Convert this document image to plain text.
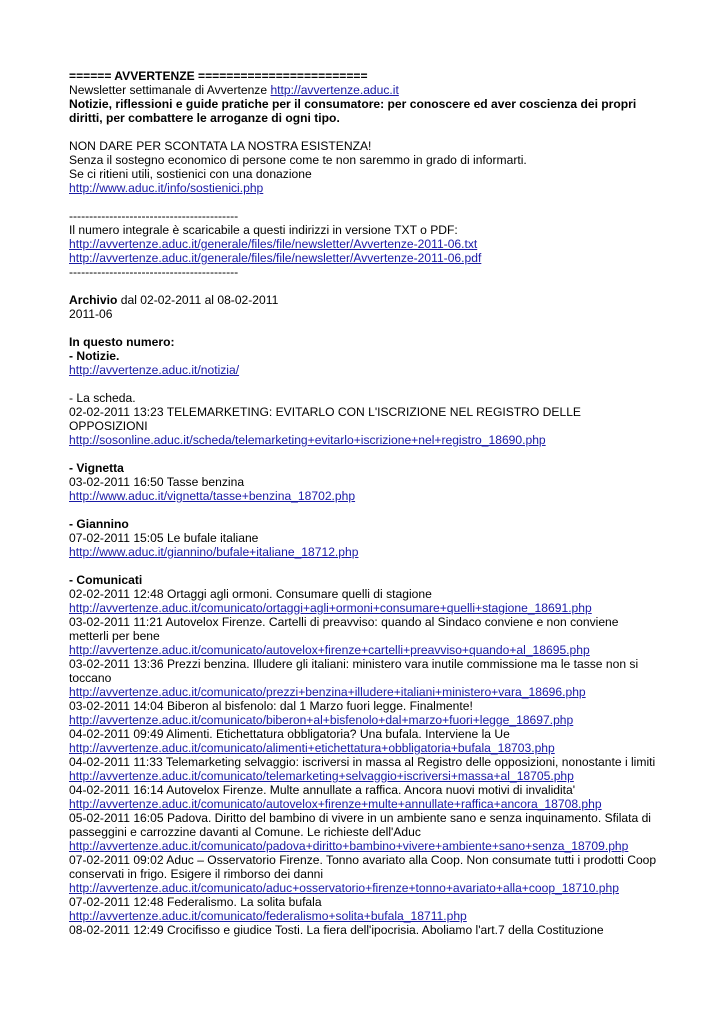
====== AVVERTENZE ========================

Newsletter settimanale di Avvertenze http://avvertenze.aduc.it

Notizie, riflessioni e guide pratiche per il consumatore: per conoscere ed aver coscienza dei propri diritti, per combattere le arroganze di ogni tipo.

NON DARE PER SCONTATA LA NOSTRA ESISTENZA!

Senza il sostegno economico di persone come te non saremmo in grado di informarti.

Se ci ritieni utili, sostienici con una donazione

http://www.aduc.it/info/sostienici.php

------------------------------------------

Il numero integrale è scaricabile a questi indirizzi in versione TXT o PDF:

http://avvertenze.aduc.it/generale/files/file/newsletter/Avvertenze-2011-06.txt

http://avvertenze.aduc.it/generale/files/file/newsletter/Avvertenze-2011-06.pdf

------------------------------------------

Archivio dal 02-02-2011 al 08-02-2011

2011-06

In questo numero:

- Notizie.

http://avvertenze.aduc.it/notizia/

- La scheda.

02-02-2011 13:23 TELEMARKETING: EVITARLO CON L'ISCRIZIONE NEL REGISTRO DELLE OPPOSIZIONI

http://sosonline.aduc.it/scheda/telemarketing+evitarlo+iscrizione+nel+registro_18690.php

- Vignetta

03-02-2011 16:50 Tasse benzina

http://www.aduc.it/vignetta/tasse+benzina_18702.php

- Giannino

07-02-2011 15:05 Le bufale italiane

http://www.aduc.it/giannino/bufale+italiane_18712.php

- Comunicati

02-02-2011 12:48 Ortaggi agli ormoni. Consumare quelli di stagione

http://avvertenze.aduc.it/comunicato/ortaggi+agli+ormoni+consumare+quelli+stagione_18691.php

03-02-2011 11:21 Autovelox Firenze. Cartelli di preavviso: quando al Sindaco conviene e non conviene metterli per bene

http://avvertenze.aduc.it/comunicato/autovelox+firenze+cartelli+preavviso+quando+al_18695.php

03-02-2011 13:36 Prezzi benzina. Illudere gli italiani: ministero vara inutile commissione ma le tasse non si toccano

http://avvertenze.aduc.it/comunicato/prezzi+benzina+illudere+italiani+ministero+vara_18696.php

03-02-2011 14:04 Biberon al bisfenolo: dal 1 Marzo fuori legge. Finalmente!

http://avvertenze.aduc.it/comunicato/biberon+al+bisfenolo+dal+marzo+fuori+legge_18697.php

04-02-2011 09:49 Alimenti. Etichettatura obbligatoria? Una bufala. Interviene la Ue

http://avvertenze.aduc.it/comunicato/alimenti+etichettatura+obbligatoria+bufala_18703.php

04-02-2011 11:33 Telemarketing selvaggio: iscriversi in massa al Registro delle opposizioni, nonostante i limiti

http://avvertenze.aduc.it/comunicato/telemarketing+selvaggio+iscriversi+massa+al_18705.php

04-02-2011 16:14 Autovelox Firenze. Multe annullate a raffica. Ancora nuovi motivi di invalidita'

http://avvertenze.aduc.it/comunicato/autovelox+firenze+multe+annullate+raffica+ancora_18708.php

05-02-2011 16:05 Padova. Diritto del bambino di vivere in un ambiente sano e senza inquinamento. Sfilata di passeggini e carrozzine davanti al Comune. Le richieste dell'Aduc

http://avvertenze.aduc.it/comunicato/padova+diritto+bambino+vivere+ambiente+sano+senza_18709.php

07-02-2011 09:02 Aduc – Osservatorio Firenze. Tonno avariato alla Coop. Non consumate tutti i prodotti Coop conservati in frigo. Esigere il rimborso dei danni

http://avvertenze.aduc.it/comunicato/aduc+osservatorio+firenze+tonno+avariato+alla+coop_18710.php

07-02-2011 12:48 Federalismo. La solita bufala

http://avvertenze.aduc.it/comunicato/federalismo+solita+bufala_18711.php

08-02-2011 12:49 Crocifisso e giudice Tosti. La fiera dell'ipocrisia. Aboliamo l'art.7 della Costituzione
